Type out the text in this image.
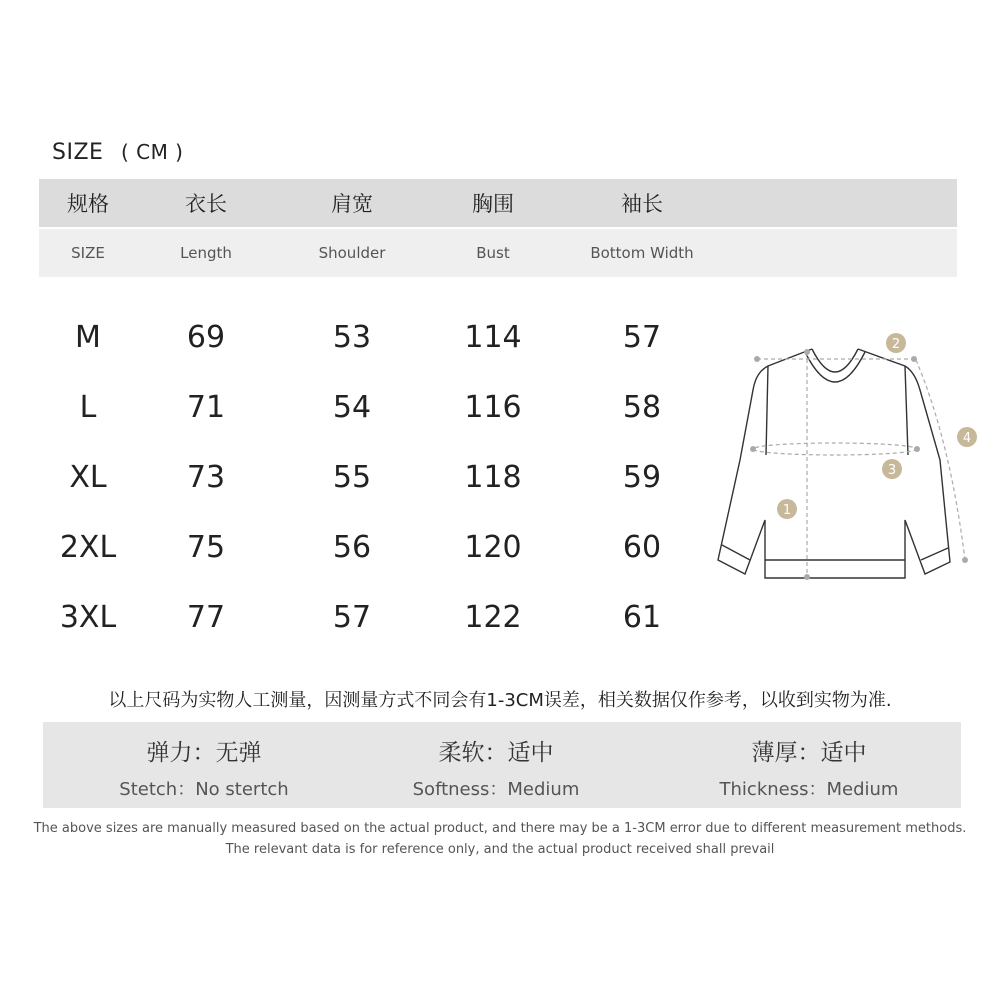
SIZE ( CM )
规格	衣长	肩宽	胸围	袖长
SIZE	Length	Shoulder	Bust	Bottom Width
M	69	53	114	57
L	71	54	116	58
XL	73	55	118	59
2XL 75	56	120	60
3XL 77	57	122	61
1
2
3
4
以上尺码为实物人工测量，因测量方式不同会有1-3CM误差，相关数据仅作参考，以收到实物为准.
弹力：无弹
Stetch：No stertch
柔软：适中
Softness：Medium
薄厚：适中
Thickness：Medium
The above sizes are manually measured based on the actual product, and there may be a 1-3CM error due to different measurement methods.
The relevant data is for reference only, and the actual product received shall prevail
